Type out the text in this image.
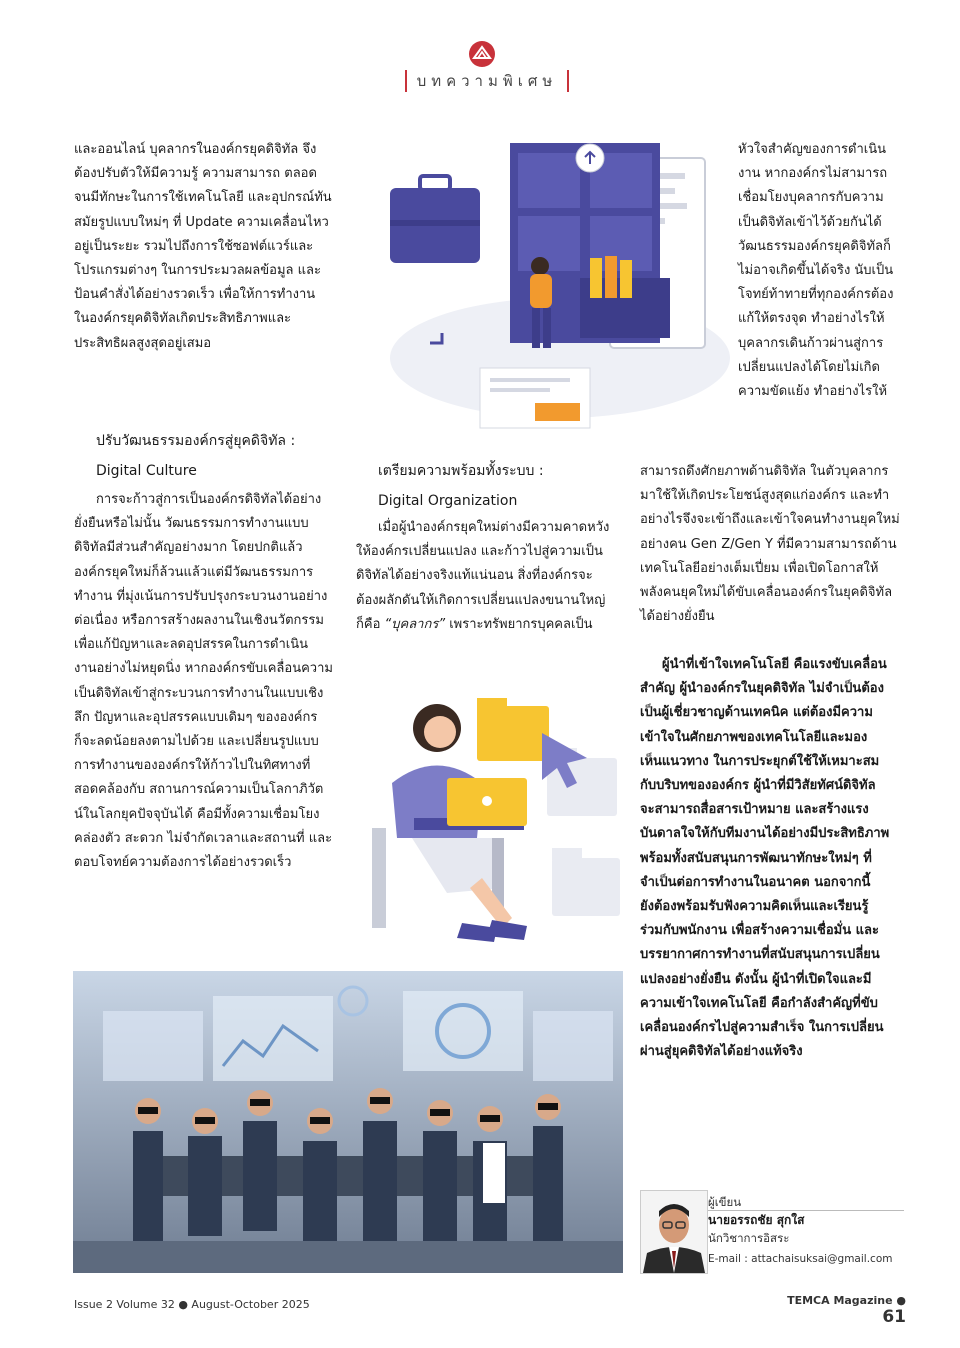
บทความพิเศษ

และออนไลน์ บุคลากรในองค์กรยุคดิจิทัล จึง

ต้องปรับตัวให้มีความรู้ ความสามารถ ตลอด

จนมีทักษะในการใช้เทคโนโลยี และอุปกรณ์ทัน

สมัยรูปแบบใหม่ๆ ที่ Update ความเคลื่อนไหว

อยู่เป็นระยะ รวมไปถึงการใช้ซอฟต์แวร์และ

โปรแกรมต่างๆ ในการประมวลผลข้อมูล และ

ป้อนคำสั่งได้อย่างรวดเร็ว เพื่อให้การทำงาน

ในองค์กรยุคดิจิทัลเกิดประสิทธิภาพและ

ประสิทธิผลสูงสุดอยู่เสมอ

หัวใจสำคัญของการดำเนิน

งาน หากองค์กรไม่สามารถ

เชื่อมโยงบุคลากรกับความ

เป็นดิจิทัลเข้าไว้ด้วยกันได้

วัฒนธรรมองค์กรยุคดิจิทัลก็

ไม่อาจเกิดขึ้นได้จริง นับเป็น

โจทย์ท้าทายที่ทุกองค์กรต้อง

แก้ให้ตรงจุด ทำอย่างไรให้

บุคลากรเดินก้าวผ่านสู่การ

เปลี่ยนแปลงได้โดยไม่เกิด

ความขัดแย้ง ทำอย่างไรให้

ปรับวัฒนธรรมองค์กรสู่ยุคดิจิทัล :
Digital Culture

การจะก้าวสู่การเป็นองค์กรดิจิทัลได้อย่าง

ยั่งยืนหรือไม่นั้น วัฒนธรรมการทำงานแบบ

ดิจิทัลมีส่วนสำคัญอย่างมาก โดยปกติแล้ว

องค์กรยุคใหม่ก็ล้วนแล้วแต่มีวัฒนธรรมการ

ทำงาน ที่มุ่งเน้นการปรับปรุงกระบวนงานอย่าง

ต่อเนื่อง หรือการสร้างผลงานในเชิงนวัตกรรม

เพื่อแก้ปัญหาและลดอุปสรรคในการดำเนิน

งานอย่างไม่หยุดนิ่ง หากองค์กรขับเคลื่อนความ

เป็นดิจิทัลเข้าสู่กระบวนการทำงานในแบบเชิง

ลึก ปัญหาและอุปสรรคแบบเดิมๆ ขององค์กร

ก็จะลดน้อยลงตามไปด้วย และเปลี่ยนรูปแบบ

การทำงานขององค์กรให้ก้าวไปในทิศทางที่

สอดคล้องกับ สถานการณ์ความเป็นโลกาภิวัต

น์ในโลกยุคปัจจุบันได้ คือมีทั้งความเชื่อมโยง

คล่องตัว สะดวก ไม่จำกัดเวลาและสถานที่ และ

ตอบโจทย์ความต้องการได้อย่างรวดเร็ว

เตรียมความพร้อมทั้งระบบ :
Digital Organization

เมื่อผู้นำองค์กรยุคใหม่ต่างมีความคาดหวัง

ให้องค์กรเปลี่ยนแปลง และก้าวไปสู่ความเป็น

ดิจิทัลได้อย่างจริงแท้แน่นอน สิ่งที่องค์กรจะ

ต้องผลักดันให้เกิดการเปลี่ยนแปลงขนานใหญ่

ก็คือ “บุคลากร” เพราะทรัพยากรบุคคลเป็น

สามารถดึงศักยภาพด้านดิจิทัล ในตัวบุคลากร

มาใช้ให้เกิดประโยชน์สูงสุดแก่องค์กร และทำ

อย่างไรจึงจะเข้าถึงและเข้าใจคนทำงานยุคใหม่

อย่างคน Gen Z/Gen Y ที่มีความสามารถด้าน

เทคโนโลยีอย่างเต็มเปี่ยม เพื่อเปิดโอกาสให้

พลังคนยุคใหม่ได้ขับเคลื่อนองค์กรในยุคดิจิทัล

ได้อย่างยั่งยืน

ผู้นำที่เข้าใจเทคโนโลยี คือแรงขับเคลื่อน

สำคัญ ผู้นำองค์กรในยุคดิจิทัล ไม่จำเป็นต้อง

เป็นผู้เชี่ยวชาญด้านเทคนิค แต่ต้องมีความ

เข้าใจในศักยภาพของเทคโนโลยีและมอง

เห็นแนวทาง ในการประยุกต์ใช้ให้เหมาะสม

กับบริบทขององค์กร ผู้นำที่มีวิสัยทัศน์ดิจิทัล

จะสามารถสื่อสารเป้าหมาย และสร้างแรง

บันดาลใจให้กับทีมงานได้อย่างมีประสิทธิภาพ

พร้อมทั้งสนับสนุนการพัฒนาทักษะใหม่ๆ ที่

จำเป็นต่อการทำงานในอนาคต นอกจากนี้

ยังต้องพร้อมรับฟังความคิดเห็นและเรียนรู้

ร่วมกับพนักงาน เพื่อสร้างความเชื่อมั่น และ

บรรยากาศการทำงานที่สนับสนุนการเปลี่ยน

แปลงอย่างยั่งยืน ดังนั้น ผู้นำที่เปิดใจและมี

ความเข้าใจเทคโนโลยี คือกำลังสำคัญที่ขับ

เคลื่อนองค์กรไปสู่ความสำเร็จ ในการเปลี่ยน

ผ่านสู่ยุคดิจิทัลได้อย่างแท้จริง

ผู้เขียน
นายอรรถชัย สุกใส
นักวิชาการอิสระ
E-mail : attachaisuksai@gmail.com
Issue 2 Volume 32 ● August-October 2025	TEMCA Magazine ● 61
